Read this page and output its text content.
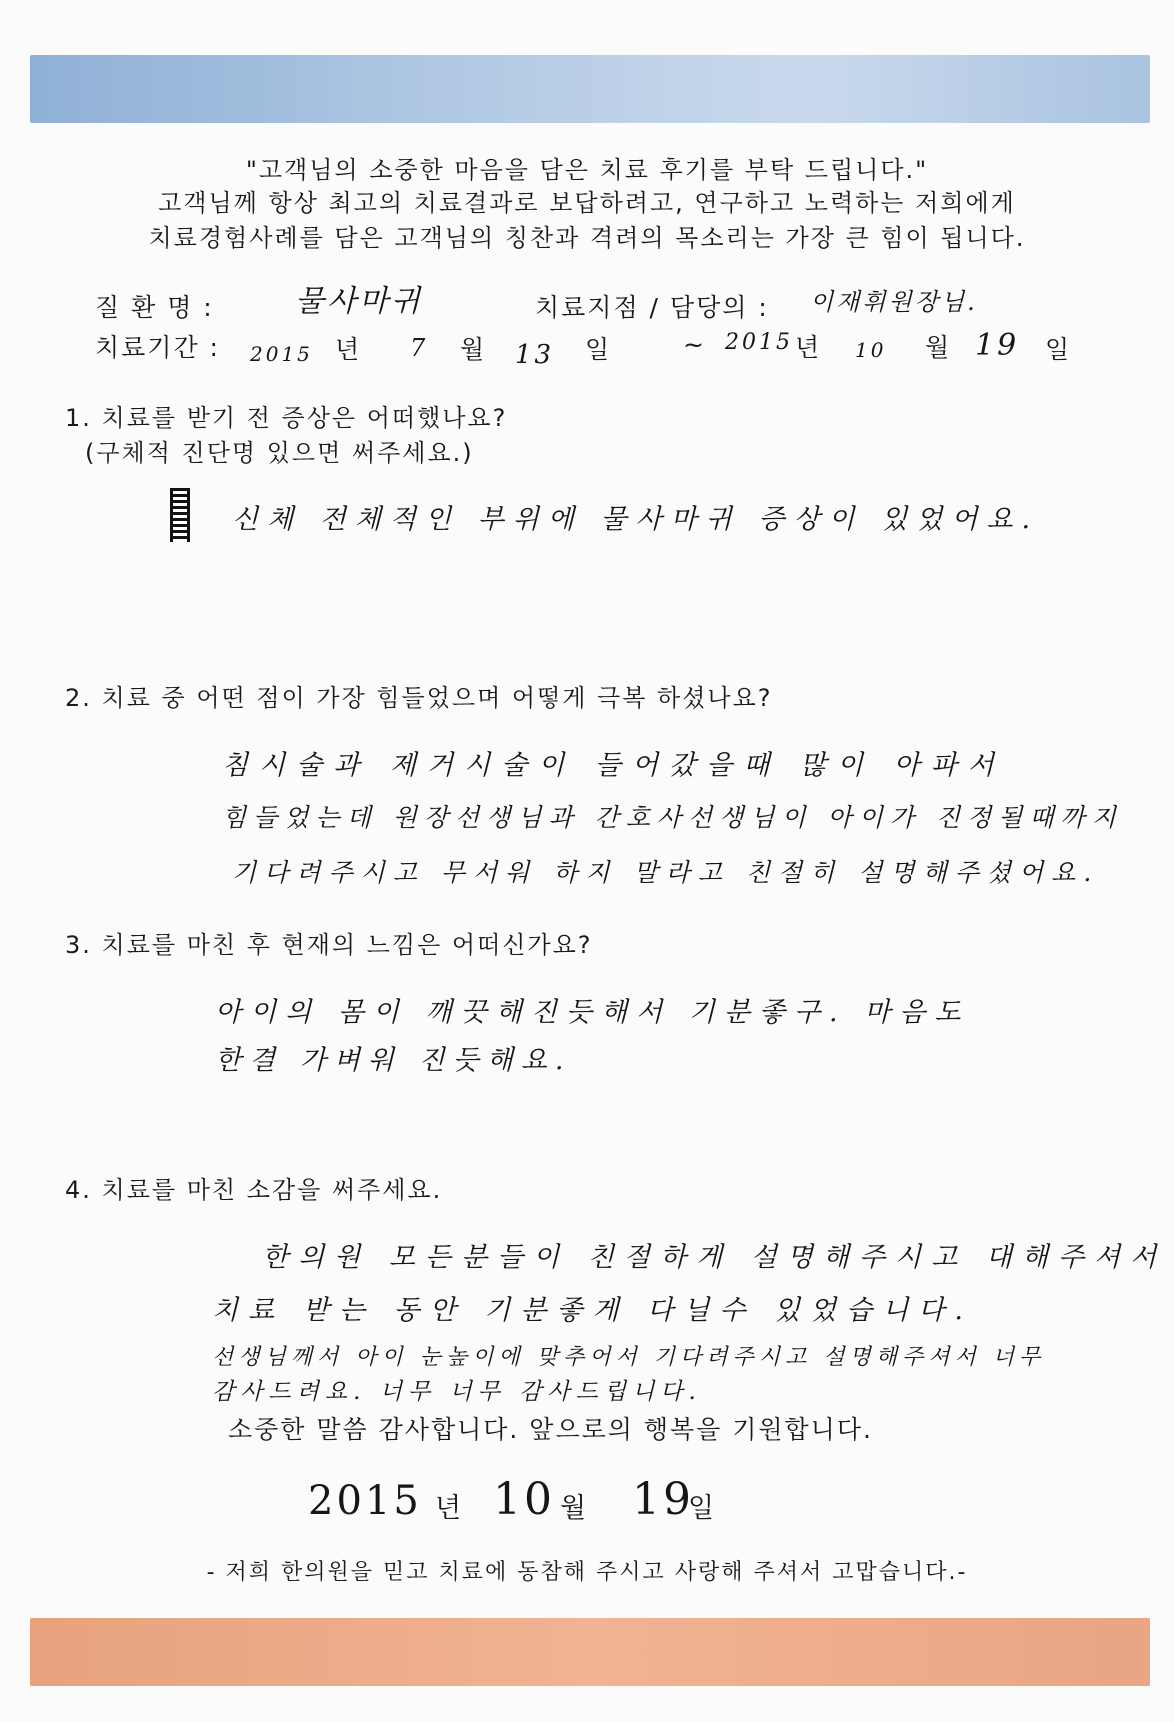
"고객님의 소중한 마음을 담은 치료 후기를 부탁 드립니다."
고객님께 항상 최고의 치료결과로 보답하려고, 연구하고 노력하는 저희에게
치료경험사례를 담은 고객님의 칭찬과 격려의 목소리는 가장 큰 힘이 됩니다.
질 환 명 :	물사마귀	치료지점 / 담당의 : 이재휘원장님.
치료기간 : 2015 년 7 월 13 일	~ 2015 년 10 월 19 일
1. 치료를 받기 전 증상은 어떠했나요?
(구체적 진단명 있으면 써주세요.)
신체 전체적인 부위에 물사마귀 증상이 있었어요.
2. 치료 중 어떤 점이 가장 힘들었으며 어떻게 극복 하셨나요?
침시술과 제거시술이 들어갔을때 많이 아파서
힘들었는데 원장선생님과 간호사선생님이 아이가 진정될때까지
기다려주시고 무서워 하지 말라고 친절히 설명해주셨어요.
3. 치료를 마친 후 현재의 느낌은 어떠신가요?
아이의 몸이 깨끗해진듯해서 기분좋구. 마음도
한결 가벼워 진듯해요.
4. 치료를 마친 소감을 써주세요.
한의원 모든분들이 친절하게 설명해주시고 대해주셔서
치료 받는 동안 기분좋게 다닐수 있었습니다.
선생님께서 아이 눈높이에 맞추어서 기다려주시고 설명해주셔서 너무
감사드려요. 너무 너무 감사드립니다.
소중한 말씀 감사합니다. 앞으로의 행복을 기원합니다.
2015 년 10 월 19
일
- 저희 한의원을 믿고 치료에 동참해 주시고 사랑해 주셔서 고맙습니다.-
